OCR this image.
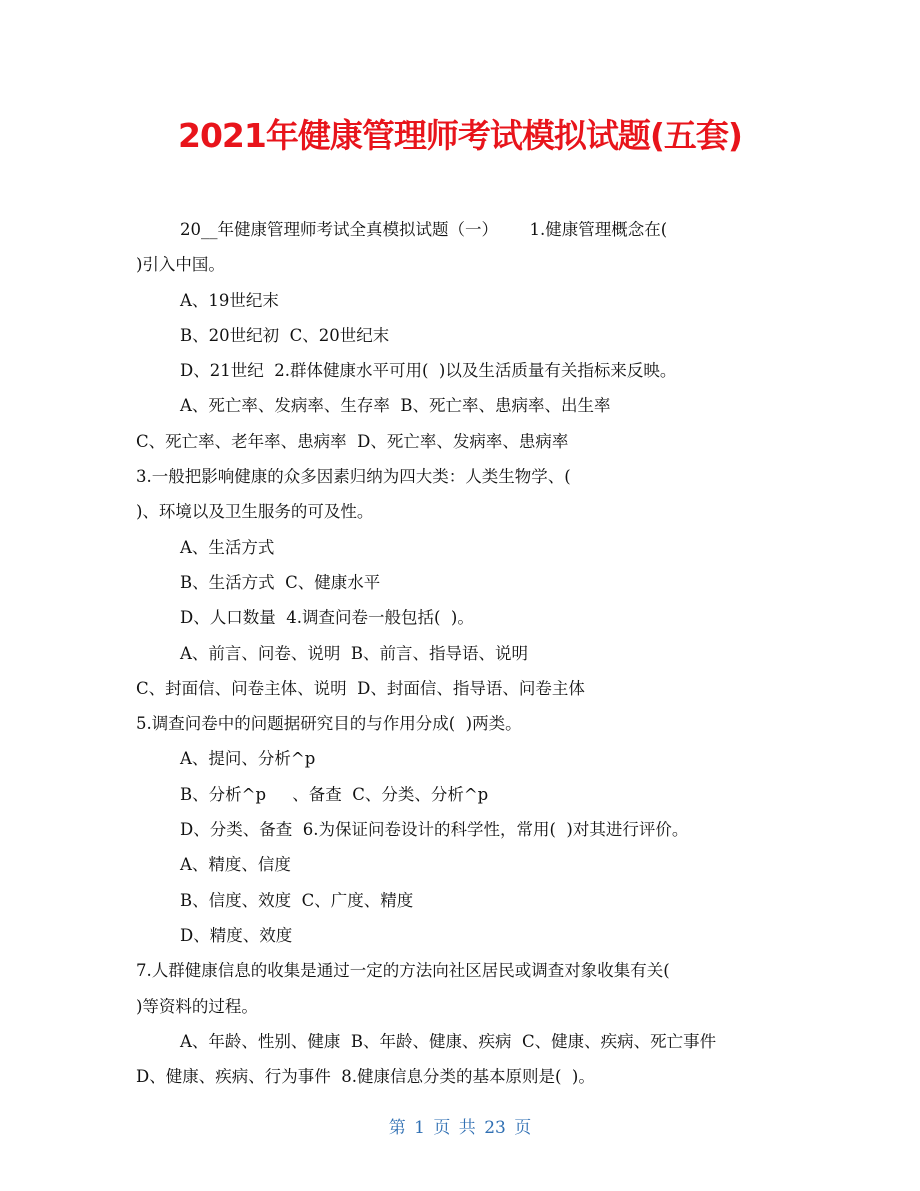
2021年健康管理师考试模拟试题(五套)
20__年健康管理师考试全真模拟试题（一）      1.健康管理概念在(
)引入中国。
A、19世纪末
B、20世纪初  C、20世纪末
D、21世纪  2.群体健康水平可用(  )以及生活质量有关指标来反映。
A、死亡率、发病率、生存率  B、死亡率、患病率、出生率
C、死亡率、老年率、患病率  D、死亡率、发病率、患病率
3.一般把影响健康的众多因素归纳为四大类：人类生物学、(
)、环境以及卫生服务的可及性。
A、生活方式
B、生活方式  C、健康水平
D、人口数量  4.调查问卷一般包括(  )。
A、前言、问卷、说明  B、前言、指导语、说明
C、封面信、问卷主体、说明  D、封面信、指导语、问卷主体
5.调查问卷中的问题据研究目的与作用分成(  )两类。
A、提问、分析^p
B、分析^p     、备查  C、分类、分析^p
D、分类、备查  6.为保证问卷设计的科学性，常用(  )对其进行评价。
A、精度、信度
B、信度、效度  C、广度、精度
D、精度、效度
7.人群健康信息的收集是通过一定的方法向社区居民或调查对象收集有关(
)等资料的过程。
A、年龄、性别、健康  B、年龄、健康、疾病  C、健康、疾病、死亡事件
D、健康、疾病、行为事件  8.健康信息分类的基本原则是(  )。
第 1 页 共 23 页
